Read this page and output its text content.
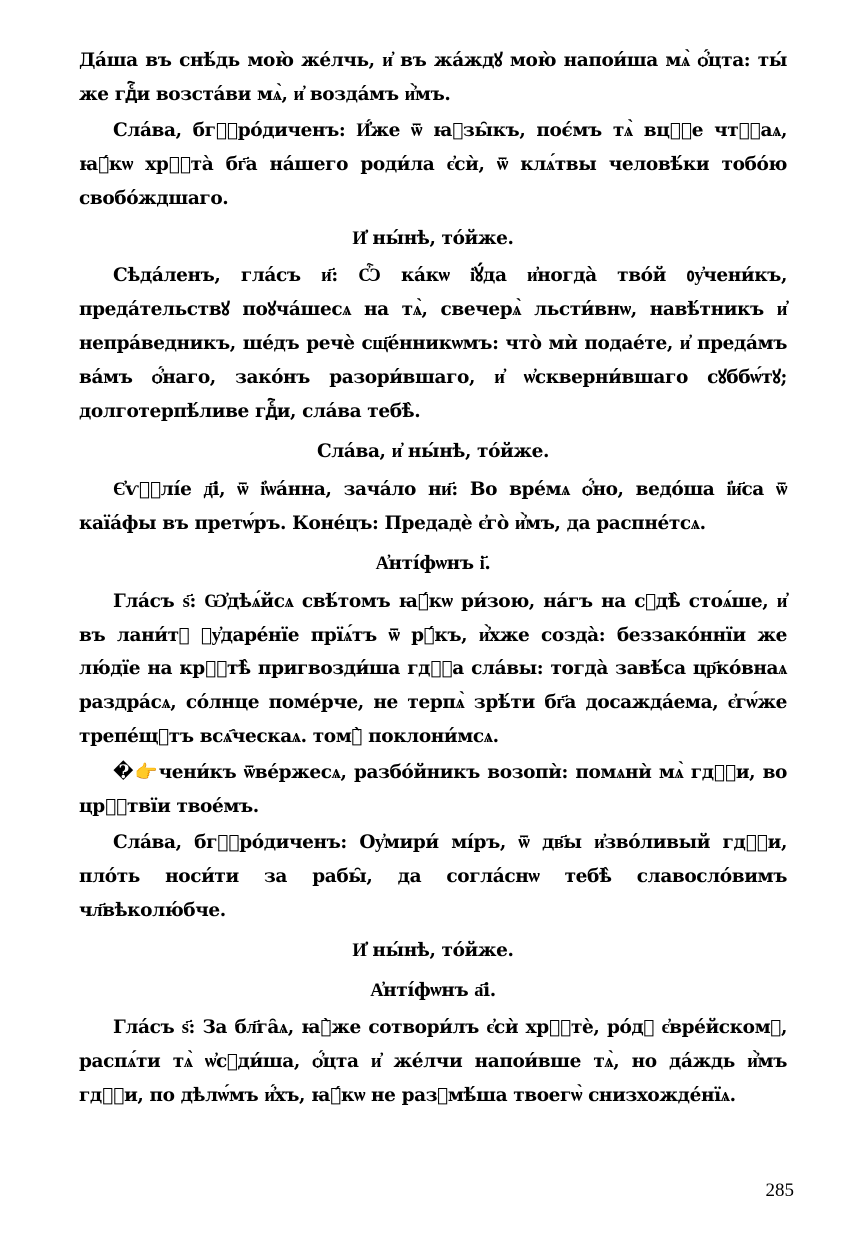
Да́ша въ снѣ́дь мою̀ же́лчь, и҆ въ жа́ждꙋ мою̀ напои́ша мѧ̀ ѻ҆́цта: ты́ же гдⷭ҇и возста́ви мѧ̀, и҆ возда́мъ и҆̀мъ.

Сла́ва, бгⷪ҇ро́диченъ: И҆́же ѿ ꙗ҆зы̑къ, поє́мъ тѧ̀ вцⷭ҇е чтⷭ҇аѧ, ꙗ҆́кѡ хрⷭ҇та̀ бг҃а на́шего роди́ла є҆сѝ, ѿ клѧ́твы человѣ́ки тобо́ю свобо́ждшаго.

И҆ ны́нѣ, то́йже.

Сѣда́ленъ, гла́съ и҃: Ѽ ка́кѡ і҆ꙋ́да и҆ногда̀ тво́й ᲂу҆чени́къ, преда́тельствꙋ поꙋча́шесѧ на тѧ̀, свечерѧ̀ льсти́внѡ, навѣ́тникъ и҆ непра́ведникъ, ше́дъ речѐ сщ҃е́нникѡмъ: что̀ мѝ подае́те, и҆ преда́мъ ва́мъ ѻ҆́наго, зако́нъ разори́вшаго, и҆ ѡ҆скверни́вшаго сꙋббѡ́тꙋ; долготерпѣ́ливе гдⷭ҇и, сла́ва тебѣ̀.

Сла́ва, и҆ ны́нѣ, то́йже.

Є҆ѵⷢ҇лі́е д҃і, ѿ і҆ѡа́нна, зача́ло ни҃: Во вре́мѧ ѻ҆́но, ведо́ша і҆и҃са ѿ каїа́фы въ претѡ́ръ. Коне́цъ: Предадѐ є҆го̀ и҆̀мъ, да распне́тсѧ.

А҆нті́фѡнъ і҃.

Гла́съ ѕ҃: Ѡ҆дѣѧ́йсѧ свѣ́томъ ꙗ҆́кѡ ри́зою, на́гъ на сꙋдѣ̀ стоѧ́ше, и҆ въ лани́тꙋ ᲂу҆даре́нїе прїѧ́тъ ѿ рꙋ́къ, и҆̀хже созда̀: беззако́ннїи же лю́дїе на крⷭ҇тѣ̀ пригвозди́ша гдⷭ҇а сла́вы: тогда̀ завѣ́са цр҃ко́внаѧ раздра́сѧ, со́лнце поме́рче, не терпѧ̀ зрѣ́ти бг҃а досажда́ема, є҆гѡ́же трепе́щꙋтъ всѧ҄ческаѧ. томꙋ̀ поклони́мсѧ.

�👉чени́къ ѿве́ржесѧ, разбо́йникъ возопѝ: помѧнѝ мѧ̀ гдⷭ҇и, во црⷭ҇твїи твое́мъ.

Сла́ва, бгⷪ҇ро́диченъ: Оу҆мири́ мі́ръ, ѿ дв҃ы и҆зво́ливый гдⷭ҇и, пло́ть носи́ти за рабы̑, да согла́снѡ тебѣ̀ славосло́вимъ чл҃вѣколю́бче.

И҆ ны́нѣ, то́йже.

А҆нті́фѡнъ а҃і.

Гла́съ ѕ҃: За бл҃га̑ѧ, ꙗ҆̀же сотвори́лъ є҆сѝ хрⷭ҇тѐ, ро́дꙋ є҆вре́йскомꙋ, распѧ́ти тѧ̀ ѡ҆сꙋди́ша, ѻ҆́цта и҆ же́лчи напои́вше тѧ̀, но да́ждь и҆̀мъ гдⷭ҇и, по дѣлѡ́мъ и҆́хъ, ꙗ҆́кѡ не разꙋмѣ́ша твоегѡ̀ снизхожде́нїѧ.

285
